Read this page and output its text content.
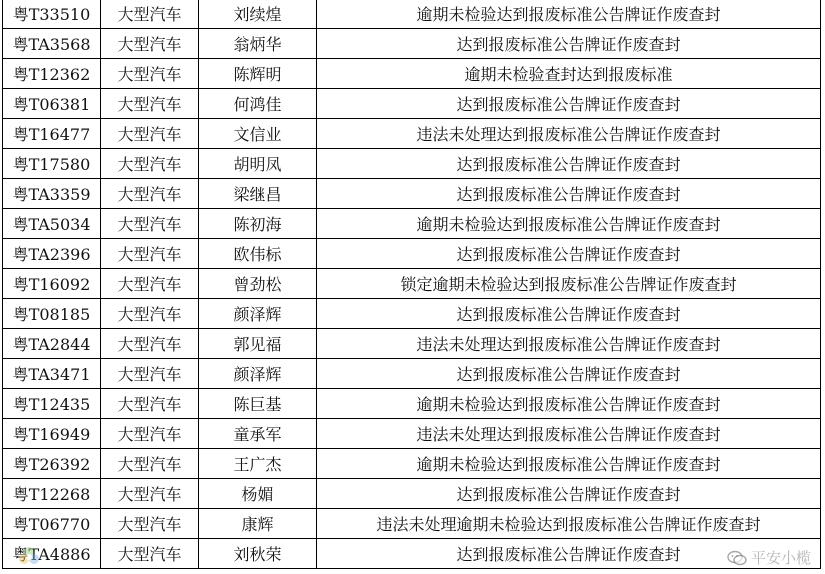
粤T33510	大型汽车	刘续煌	逾期未检验达到报废标准公告牌证作废查封
粤TA3568	大型汽车	翁炳华	达到报废标准公告牌证作废查封
粤T12362	大型汽车	陈辉明	逾期未检验查封达到报废标准
粤T06381	大型汽车	何鸿佳	达到报废标准公告牌证作废查封
粤T16477	大型汽车	文信业	违法未处理达到报废标准公告牌证作废查封
粤T17580	大型汽车	胡明凤	达到报废标准公告牌证作废查封
粤TA3359	大型汽车	梁继昌	达到报废标准公告牌证作废查封
粤TA5034	大型汽车	陈初海	逾期未检验达到报废标准公告牌证作废查封
粤TA2396	大型汽车	欧伟标	达到报废标准公告牌证作废查封
粤T16092	大型汽车	曾劲松	锁定逾期未检验达到报废标准公告牌证作废查封
粤T08185	大型汽车	颜泽辉	达到报废标准公告牌证作废查封
粤TA2844	大型汽车	郭见福	违法未处理达到报废标准公告牌证作废查封
粤TA3471	大型汽车	颜泽辉	达到报废标准公告牌证作废查封
粤T12435	大型汽车	陈巨基	逾期未检验达到报废标准公告牌证作废查封
粤T16949	大型汽车	童承军	违法未处理达到报废标准公告牌证作废查封
粤T26392	大型汽车	王广杰	逾期未检验达到报废标准公告牌证作废查封
粤T12268	大型汽车	杨媚	达到报废标准公告牌证作废查封
粤T06770	大型汽车	康辉	违法未处理逾期未检验达到报废标准公告牌证作废查封
粤TA4886	大型汽车	刘秋荣	达到报废标准公告牌证作废查封	平安小榄
